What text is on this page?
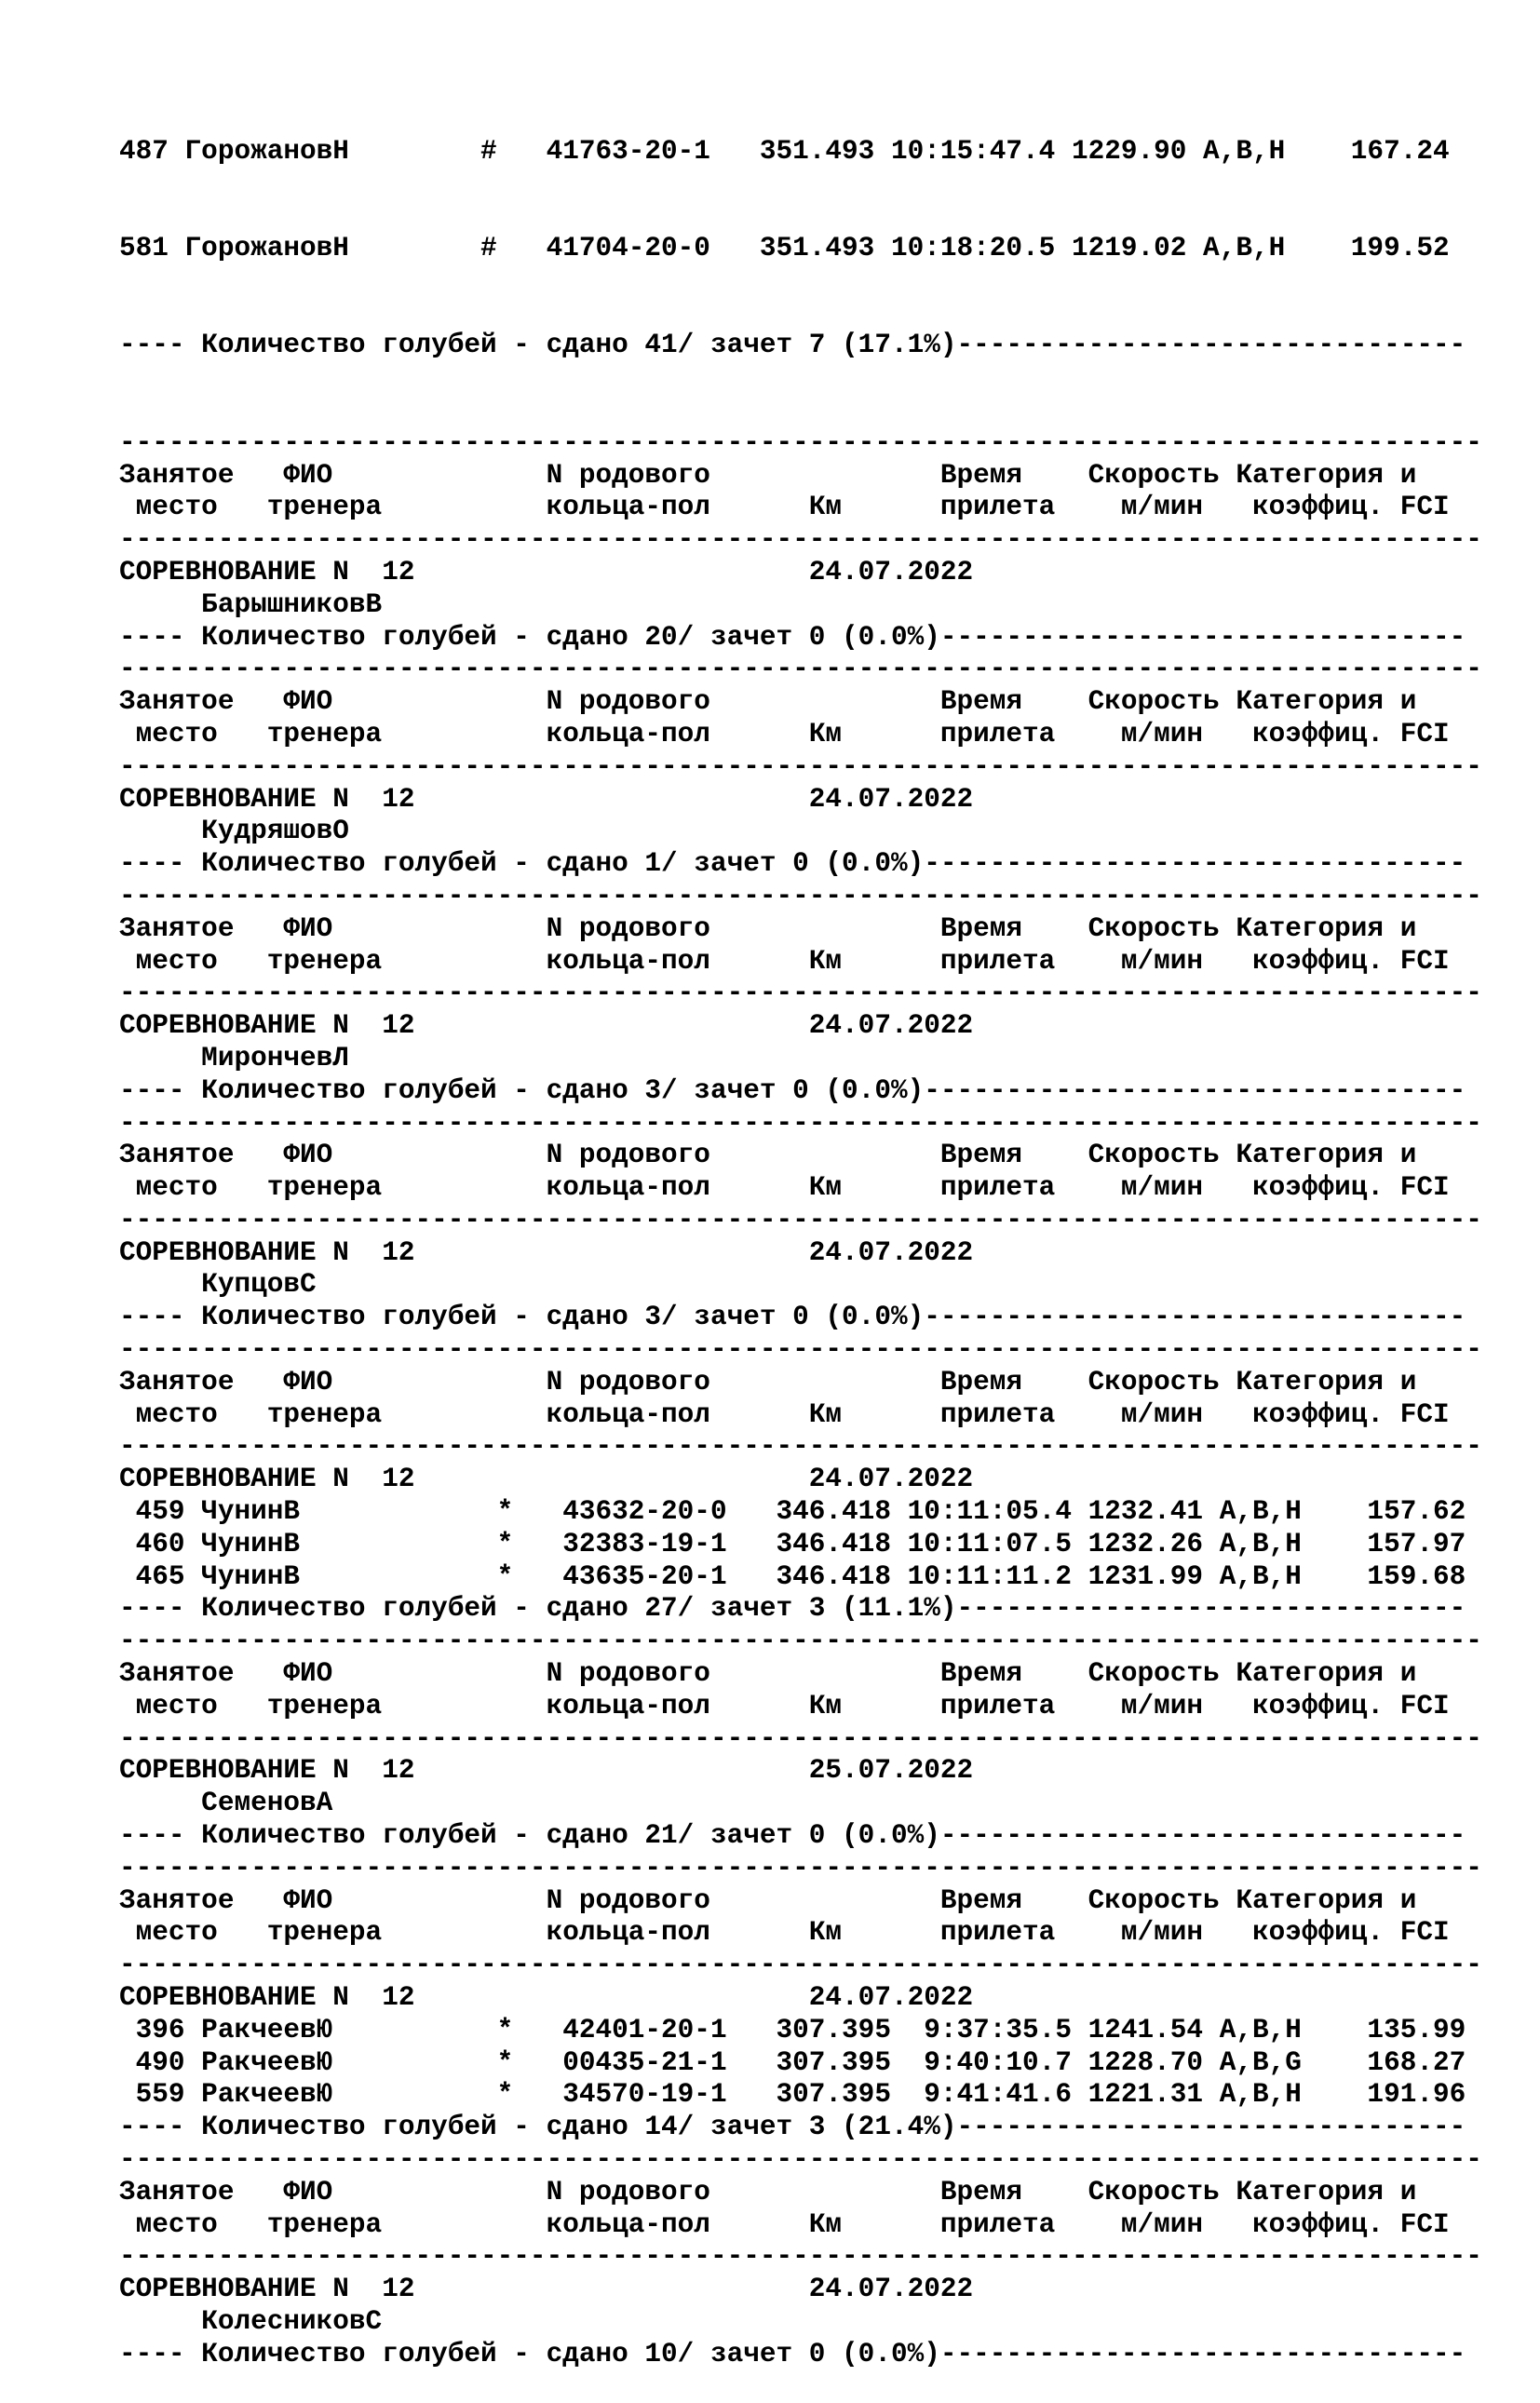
487 ГорожановН        #   41763-20-1   351.493 10:15:47.4 1229.90 A,B,H    167.24

581 ГорожановН        #   41704-20-0   351.493 10:18:20.5 1219.02 A,B,H    199.52

---- Количество голубей - сдано 41/ зачет 7 (17.1%)-------------------------------

-----------------------------------------------------------------------------------
Занятое   ФИО             N родового              Время    Скорость Категория и
место   тренера          кольца-пол      Км      прилета    м/мин   коэффиц. FCI
-----------------------------------------------------------------------------------
СОРЕВНОВАНИЕ N  12                        24.07.2022
БарышниковВ
---- Количество голубей - сдано 20/ зачет 0 (0.0%)--------------------------------
-----------------------------------------------------------------------------------
Занятое   ФИО             N родового              Время    Скорость Категория и
место   тренера          кольца-пол      Км      прилета    м/мин   коэффиц. FCI
-----------------------------------------------------------------------------------
СОРЕВНОВАНИЕ N  12                        24.07.2022
КудряшовО
---- Количество голубей - сдано 1/ зачет 0 (0.0%)---------------------------------
-----------------------------------------------------------------------------------
Занятое   ФИО             N родового              Время    Скорость Категория и
место   тренера          кольца-пол      Км      прилета    м/мин   коэффиц. FCI
-----------------------------------------------------------------------------------
СОРЕВНОВАНИЕ N  12                        24.07.2022
МирончевЛ
---- Количество голубей - сдано 3/ зачет 0 (0.0%)---------------------------------
-----------------------------------------------------------------------------------
Занятое   ФИО             N родового              Время    Скорость Категория и
место   тренера          кольца-пол      Км      прилета    м/мин   коэффиц. FCI
-----------------------------------------------------------------------------------
СОРЕВНОВАНИЕ N  12                        24.07.2022
КупцовС
---- Количество голубей - сдано 3/ зачет 0 (0.0%)---------------------------------
-----------------------------------------------------------------------------------
Занятое   ФИО             N родового              Время    Скорость Категория и
место   тренера          кольца-пол      Км      прилета    м/мин   коэффиц. FCI
-----------------------------------------------------------------------------------
СОРЕВНОВАНИЕ N  12                        24.07.2022
459 ЧунинВ            *   43632-20-0   346.418 10:11:05.4 1232.41 A,B,H    157.62
460 ЧунинВ            *   32383-19-1   346.418 10:11:07.5 1232.26 A,B,H    157.97
465 ЧунинВ            *   43635-20-1   346.418 10:11:11.2 1231.99 A,B,H    159.68
---- Количество голубей - сдано 27/ зачет 3 (11.1%)-------------------------------
-----------------------------------------------------------------------------------
Занятое   ФИО             N родового              Время    Скорость Категория и
место   тренера          кольца-пол      Км      прилета    м/мин   коэффиц. FCI
-----------------------------------------------------------------------------------
СОРЕВНОВАНИЕ N  12                        25.07.2022
СеменовА
---- Количество голубей - сдано 21/ зачет 0 (0.0%)--------------------------------
-----------------------------------------------------------------------------------
Занятое   ФИО             N родового              Время    Скорость Категория и
место   тренера          кольца-пол      Км      прилета    м/мин   коэффиц. FCI
-----------------------------------------------------------------------------------
СОРЕВНОВАНИЕ N  12                        24.07.2022
396 РакчеевЮ          *   42401-20-1   307.395  9:37:35.5 1241.54 A,B,H    135.99
490 РакчеевЮ          *   00435-21-1   307.395  9:40:10.7 1228.70 A,B,G    168.27
559 РакчеевЮ          *   34570-19-1   307.395  9:41:41.6 1221.31 A,B,H    191.96
---- Количество голубей - сдано 14/ зачет 3 (21.4%)-------------------------------
-----------------------------------------------------------------------------------
Занятое   ФИО             N родового              Время    Скорость Категория и
место   тренера          кольца-пол      Км      прилета    м/мин   коэффиц. FCI
-----------------------------------------------------------------------------------
СОРЕВНОВАНИЕ N  12                        24.07.2022
КолесниковС
---- Количество голубей - сдано 10/ зачет 0 (0.0%)--------------------------------
